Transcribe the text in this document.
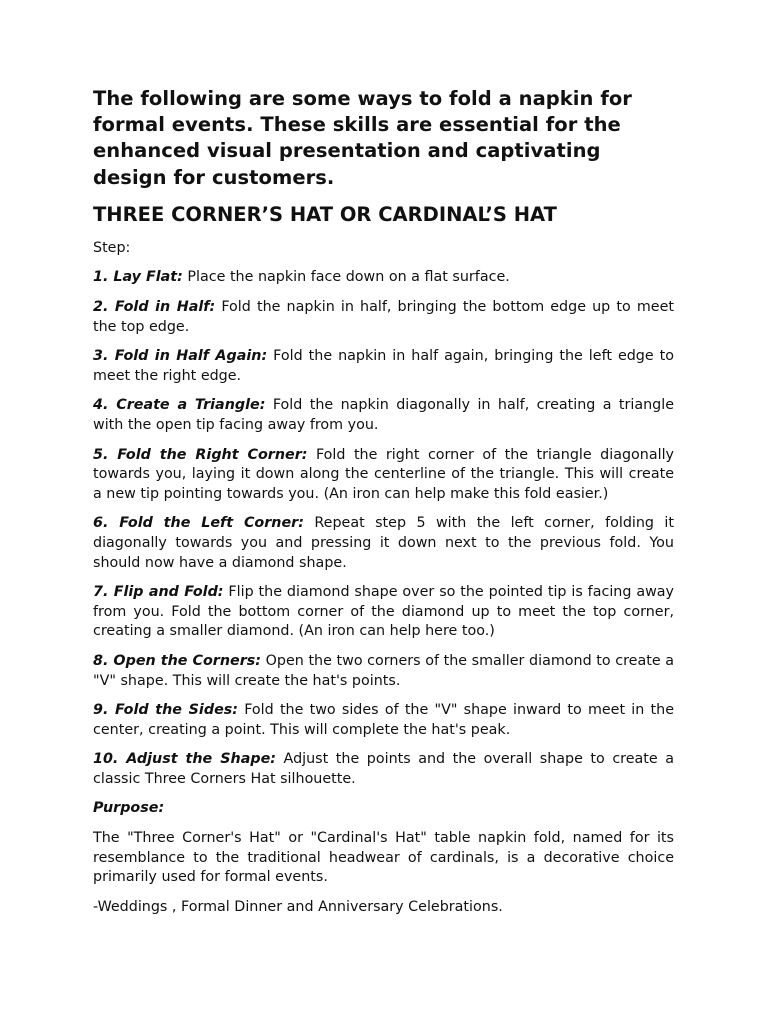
The following are some ways to fold a napkin for formal events. These skills are essential for the enhanced visual presentation and captivating design for customers.

THREE CORNER’S HAT OR CARDINAL’S HAT

Step:

1. Lay Flat: Place the napkin face down on a flat surface.
2. Fold in Half: Fold the napkin in half, bringing the bottom edge up to meet the top edge.
3. Fold in Half Again: Fold the napkin in half again, bringing the left edge to meet the right edge.
4. Create a Triangle: Fold the napkin diagonally in half, creating a triangle with the open tip facing away from you.
5. Fold the Right Corner: Fold the right corner of the triangle diagonally towards you, laying it down along the centerline of the triangle. This will create a new tip pointing towards you. (An iron can help make this fold easier.)
6. Fold the Left Corner: Repeat step 5 with the left corner, folding it diagonally towards you and pressing it down next to the previous fold. You should now have a diamond shape.
7. Flip and Fold: Flip the diamond shape over so the pointed tip is facing away from you. Fold the bottom corner of the diamond up to meet the top corner, creating a smaller diamond. (An iron can help here too.)
8. Open the Corners: Open the two corners of the smaller diamond to create a "V" shape. This will create the hat's points.
9. Fold the Sides: Fold the two sides of the "V" shape inward to meet in the center, creating a point. This will complete the hat's peak.
10. Adjust the Shape: Adjust the points and the overall shape to create a classic Three Corners Hat silhouette.

Purpose:

The "Three Corner's Hat" or "Cardinal's Hat" table napkin fold, named for its resemblance to the traditional headwear of cardinals, is a decorative choice primarily used for formal events.

-Weddings , Formal Dinner and Anniversary Celebrations.
